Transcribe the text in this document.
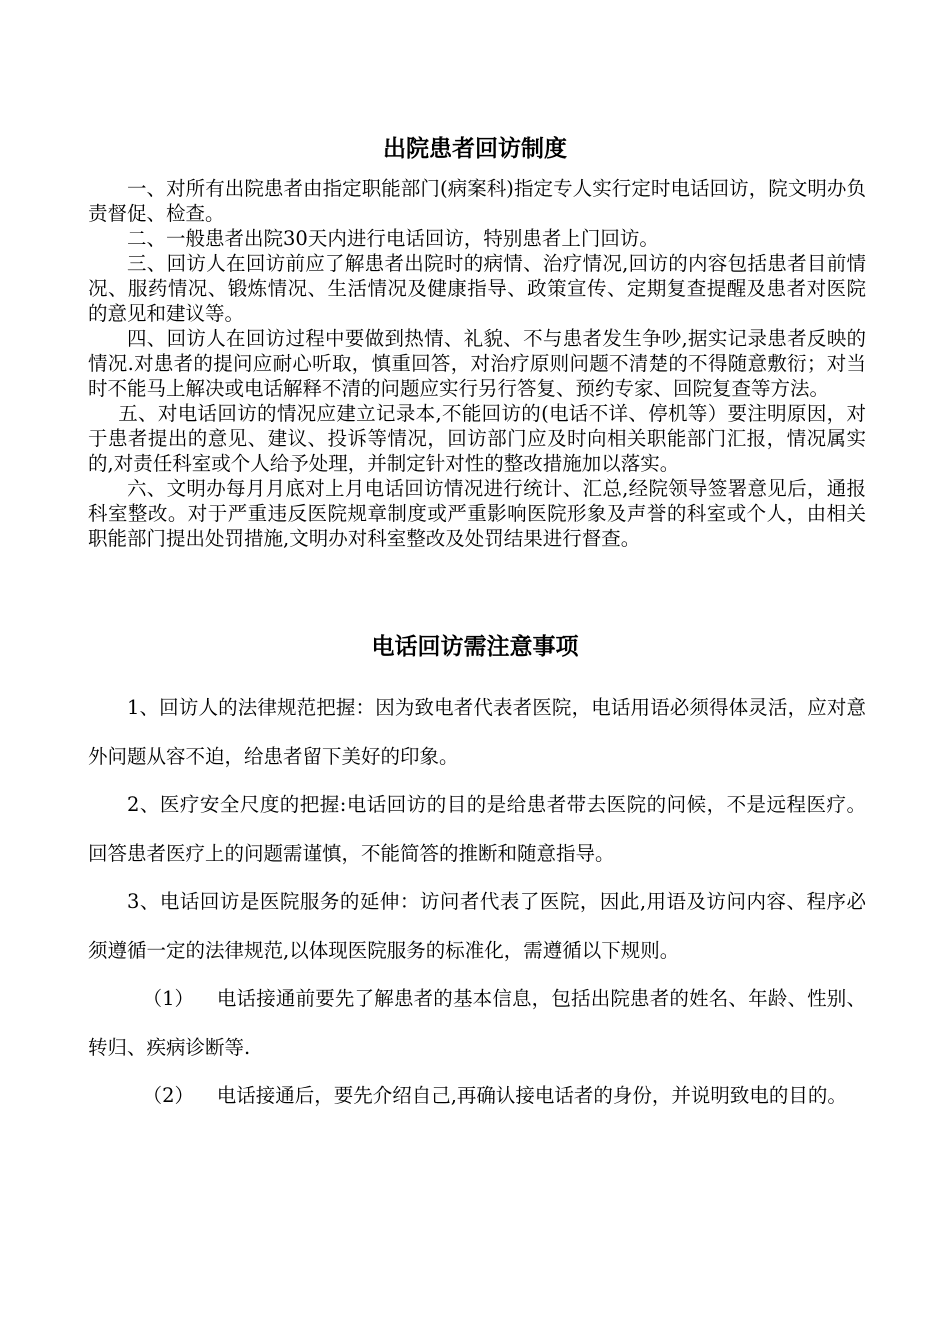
出院患者回访制度

一、对所有出院患者由指定职能部门(病案科)指定专人实行定时电话回访，院文明办负责督促、检查。

二、一般患者出院30天内进行电话回访，特别患者上门回访。

三、回访人在回访前应了解患者出院时的病情、治疗情况,回访的内容包括患者目前情况、服药情况、锻炼情况、生活情况及健康指导、政策宣传、定期复查提醒及患者对医院的意见和建议等。

四、回访人在回访过程中要做到热情、礼貌、不与患者发生争吵,据实记录患者反映的情况.对患者的提问应耐心听取，慎重回答，对治疗原则问题不清楚的不得随意敷衍；对当时不能马上解决或电话解释不清的问题应实行另行答复、预约专家、回院复查等方法。

五、对电话回访的情况应建立记录本,不能回访的(电话不详、停机等）要注明原因，对于患者提出的意见、建议、投诉等情况，回访部门应及时向相关职能部门汇报，情况属实的,对责任科室或个人给予处理，并制定针对性的整改措施加以落实。

六、文明办每月月底对上月电话回访情况进行统计、汇总,经院领导签署意见后，通报科室整改。对于严重违反医院规章制度或严重影响医院形象及声誉的科室或个人，由相关职能部门提出处罚措施,文明办对科室整改及处罚结果进行督查。

电话回访需注意事项

1、回访人的法律规范把握：因为致电者代表者医院，电话用语必须得体灵活，应对意外问题从容不迫，给患者留下美好的印象。

2、医疗安全尺度的把握:电话回访的目的是给患者带去医院的问候，不是远程医疗。回答患者医疗上的问题需谨慎，不能简答的推断和随意指导。

3、电话回访是医院服务的延伸：访问者代表了医院，因此,用语及访问内容、程序必须遵循一定的法律规范,以体现医院服务的标准化，需遵循以下规则。

（1） 电话接通前要先了解患者的基本信息，包括出院患者的姓名、年龄、性别、转归、疾病诊断等.

（2） 电话接通后，要先介绍自己,再确认接电话者的身份，并说明致电的目的。
